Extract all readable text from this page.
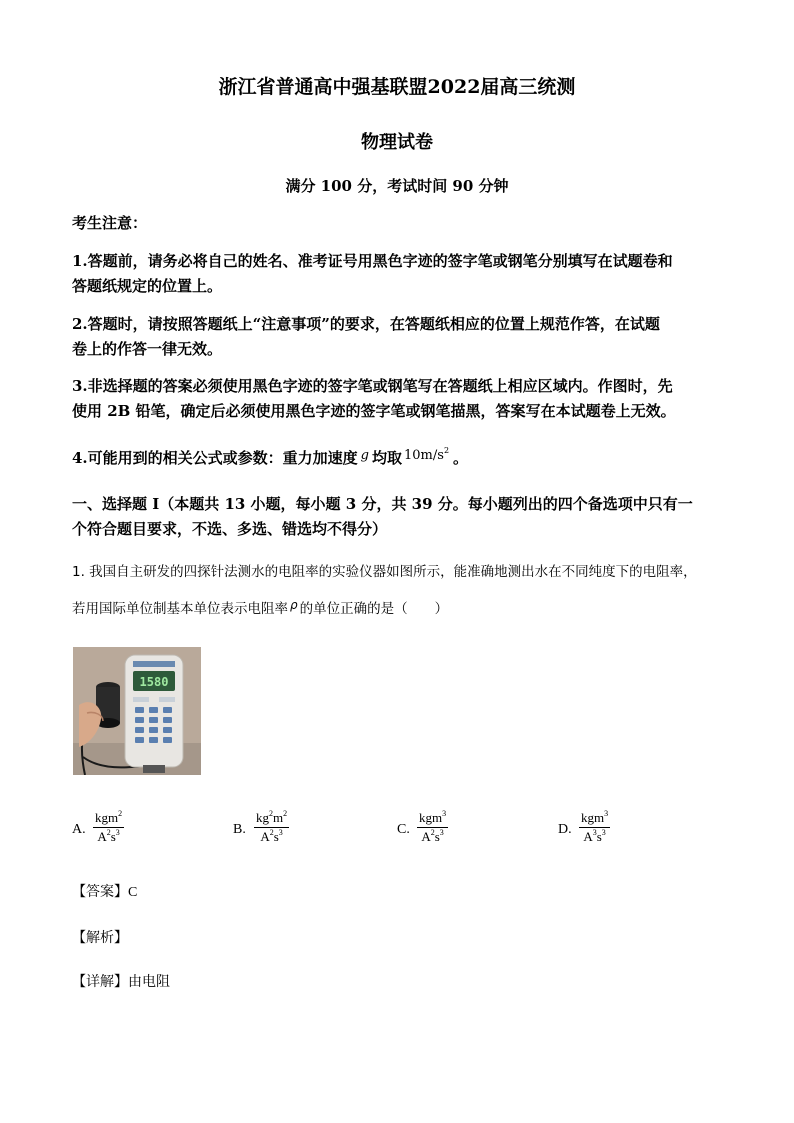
浙江省普通高中强基联盟2022届高三统测
物理试卷
满分 100 分，考试时间 90 分钟
考生注意：
1.答题前，请务必将自己的姓名、准考证号用黑色字迹的签字笔或钢笔分别填写在试题卷和
答题纸规定的位置上。
2.答题时，请按照答题纸上“注意事项”的要求，在答题纸相应的位置上规范作答，在试题
卷上的作答一律无效。
3.非选择题的答案必须使用黑色字迹的签字笔或钢笔写在答题纸上相应区域内。作图时，先
使用 2B 铅笔，确定后必须使用黑色字迹的签字笔或钢笔描黑，答案写在本试题卷上无效。
4.可能用到的相关公式或参数：重力加速度 g 均取 $10m/s^2$ 。
一、选择题 I（本题共 13 小题，每小题 3 分，共 39 分。每小题列出的四个备选项中只有一
个符合题目要求，不选、多选、错选均不得分）
1. 我国自主研发的四探针法测水的电阻率的实验仪器如图所示，能准确地测出水在不同纯度下的电阻率，
若用国际单位制基本单位表示电阻率 ρ 的单位正确的是（　　）
1580
A.
kgm$^2$
$A^2s^3$	B.
$kg^2m^2$
$A^2s^3$	C.
kgm$^3$
$A^2s^3$	D.
kgm$^3$
$A^3s^3$
【答案】C
【解析】
【详解】由电阻
